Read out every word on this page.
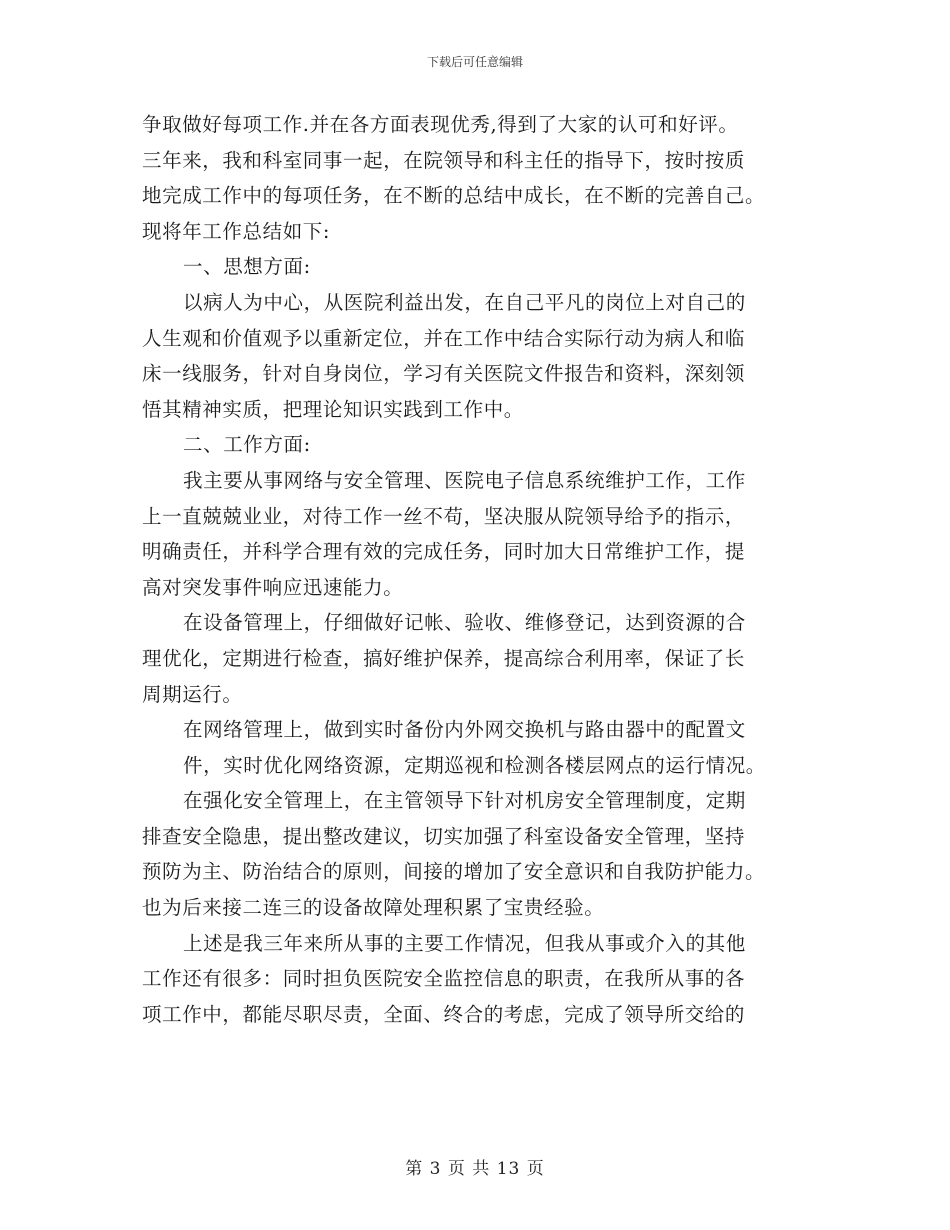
下载后可任意编辑
争取做好每项工作.并在各方面表现优秀,得到了大家的认可和好评。
三年来，我和科室同事一起，在院领导和科主任的指导下，按时按质
地完成工作中的每项任务，在不断的总结中成长，在不断的完善自己。
现将年工作总结如下:
一、思想方面:
以病人为中心，从医院利益出发，在自己平凡的岗位上对自己的
人生观和价值观予以重新定位，并在工作中结合实际行动为病人和临
床一线服务，针对自身岗位，学习有关医院文件报告和资料，深刻领
悟其精神实质，把理论知识实践到工作中。
二、工作方面:
我主要从事网络与安全管理、医院电子信息系统维护工作，工作
上一直兢兢业业，对待工作一丝不苟，坚决服从院领导给予的指示，
明确责任，并科学合理有效的完成任务，同时加大日常维护工作，提
高对突发事件响应迅速能力。
在设备管理上，仔细做好记帐、验收、维修登记，达到资源的合
理优化，定期进行检查，搞好维护保养，提高综合利用率，保证了长
周期运行。
在网络管理上，做到实时备份内外网交换机与路由器中的配置文
件，实时优化网络资源，定期巡视和检测各楼层网点的运行情况。
在强化安全管理上，在主管领导下针对机房安全管理制度，定期
排查安全隐患，提出整改建议，切实加强了科室设备安全管理，坚持
预防为主、防治结合的原则，间接的增加了安全意识和自我防护能力。
也为后来接二连三的设备故障处理积累了宝贵经验。
上述是我三年来所从事的主要工作情况，但我从事或介入的其他
工作还有很多：同时担负医院安全监控信息的职责，在我所从事的各
项工作中，都能尽职尽责，全面、终合的考虑，完成了领导所交给的
第 3 页 共 13 页
